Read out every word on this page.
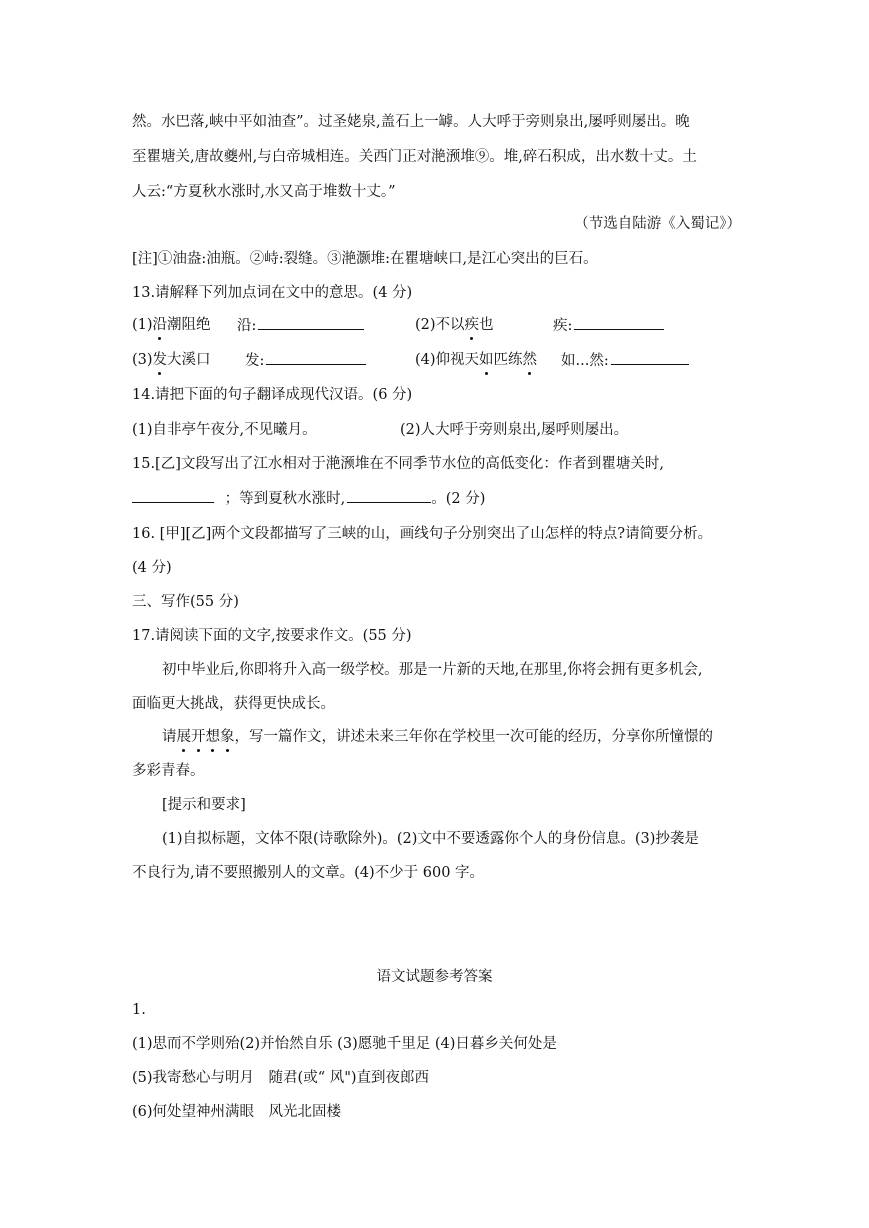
然。水巴落,峡中平如油查”。过圣姥泉,盖石上一罅。人大呼于旁则泉出,屡呼则屡出。晚
至瞿塘关,唐故夔州,与白帝城相连。关西门正对滟滪堆⑨。堆,碎石积成，出水数十丈。土
人云:“方夏秋水涨时,水又高于堆数十丈。”
（节选自陆游《入蜀记》）
[注]①油盎:油瓶。②峙:裂缝。③滟灏堆:在瞿塘峡口,是江心突出的巨石。
13.请解释下列加点词在文中的意思。(4 分)
(1)沿潮阻绝 沿:	(2)不以疾也	疾:
(3)发大溪口 发:	(4)仰视天如匹练然 如...然:
14.请把下面的句子翻译成现代汉语。(6 分)
(1)自非亭午夜分,不见曦月。	(2)人大呼于旁则泉出,屡呼则屡出。
15.[乙]文段写出了江水相对于滟滪堆在不同季节水位的高低变化：作者到瞿塘关时,
；等到夏秋水涨时,	。(2 分)
16. [甲][乙]两个文段都描写了三峡的山，画线句子分别突出了山怎样的特点?请简要分析。
(4 分)
三、写作(55 分)
17.请阅读下面的文字,按要求作文。(55 分)
初中毕业后,你即将升入高一级学校。那是一片新的天地,在那里,你将会拥有更多机会,
面临更大挑战，获得更快成长。
请展开想象，写一篇作文，讲述未来三年你在学校里一次可能的经历，分享你所憧憬的
多彩青春。
[提示和要求]
(1)自拟标题，文体不限(诗歌除外)。(2)文中不要透露你个人的身份信息。(3)抄袭是
不良行为,请不要照搬别人的文章。(4)不少于 600 字。
语文试题参考答案
1.
(1)思而不学则殆(2)并怡然自乐 (3)愿驰千里足 (4)日暮乡关何处是
(5)我寄愁心与明月　随君(或“ 风")直到夜郎西
(6)何处望神州满眼　风光北固楼
